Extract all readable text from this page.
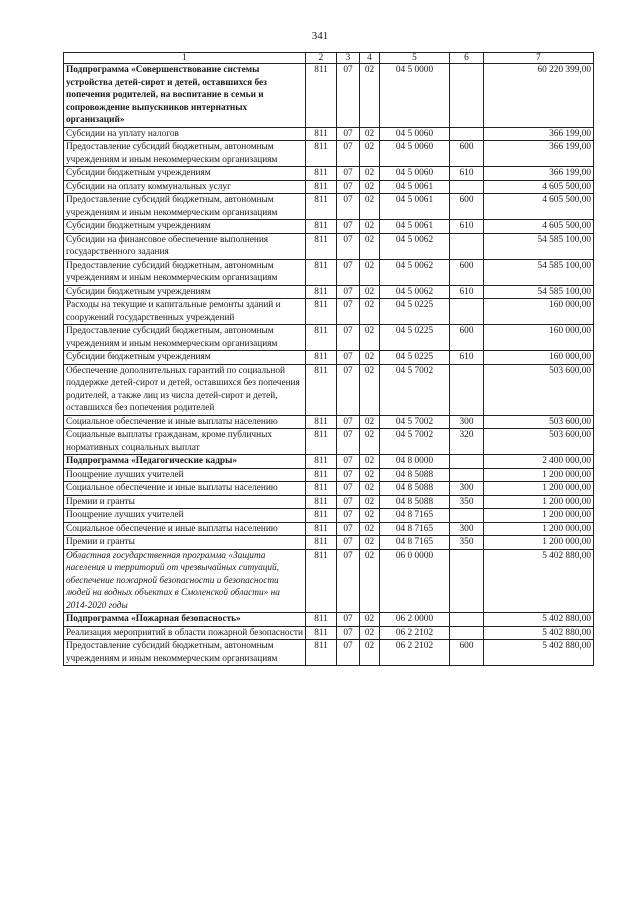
341
1	2	3	4	5	6	7
Подпрограмма «Совершенствование системы устройства детей-сирот и детей, оставшихся без попечения родителей, на воспитание в семьи и сопровождение выпускников интернатных организаций»	811	07	02	04 5 0000		60 220 399,00
Субсидии на уплату налогов	811	07	02	04 5 0060		366 199,00
Предоставление субсидий бюджетным, автономным учреждениям и иным некоммерческим организациям	811	07	02	04 5 0060	600	366 199,00
Субсидии бюджетным учреждениям	811	07	02	04 5 0060	610	366 199,00
Субсидии на оплату коммунальных услуг	811	07	02	04 5 0061		4 605 500,00
Предоставление субсидий бюджетным, автономным учреждениям и иным некоммерческим организациям	811	07	02	04 5 0061	600	4 605 500,00
Субсидии бюджетным учреждениям	811	07	02	04 5 0061	610	4 605 500,00
Субсидии на финансовое обеспечение выполнения государственного задания	811	07	02	04 5 0062		54 585 100,00
Предоставление субсидий бюджетным, автономным учреждениям и иным некоммерческим организациям	811	07	02	04 5 0062	600	54 585 100,00
Субсидии бюджетным учреждениям	811	07	02	04 5 0062	610	54 585 100,00
Расходы на текущие и капитальные ремонты зданий и сооружений государственных учреждений	811	07	02	04 5 0225		160 000,00
Предоставление субсидий бюджетным, автономным учреждениям и иным некоммерческим организациям	811	07	02	04 5 0225	600	160 000,00
Субсидии бюджетным учреждениям	811	07	02	04 5 0225	610	160 000,00
Обеспечение дополнительных гарантий по социальной поддержке детей-сирот и детей, оставшихся без попечения родителей, а также лиц из числа детей-сирот и детей, оставшихся без попечения родителей	811	07	02	04 5 7002		503 600,00
Социальное обеспечение и иные выплаты населению	811	07	02	04 5 7002	300	503 600,00
Социальные выплаты гражданам, кроме публичных нормативных социальных выплат	811	07	02	04 5 7002	320	503 600,00
Подпрограмма «Педагогические кадры»	811	07	02	04 8 0000		2 400 000,00
Поощрение лучших учителей	811	07	02	04 8 5088		1 200 000,00
Социальное обеспечение и иные выплаты населению	811	07	02	04 8 5088	300	1 200 000,00
Премии и гранты	811	07	02	04 8 5088	350	1 200 000,00
Поощрение лучших учителей	811	07	02	04 8 7165		1 200 000,00
Социальное обеспечение и иные выплаты населению	811	07	02	04 8 7165	300	1 200 000,00
Премии и гранты	811	07	02	04 8 7165	350	1 200 000,00
Областная государственная программа «Защита населения и территорий от чрезвычайных ситуаций, обеспечение пожарной безопасности и безопасности людей на водных объектах в Смоленской области» на 2014-2020 годы	811	07	02	06 0 0000		5 402 880,00
Подпрограмма «Пожарная безопасность»	811	07	02	06 2 0000		5 402 880,00
Реализация мероприятий в области пожарной безопасности	811	07	02	06 2 2102		5 402 880,00
Предоставление субсидий бюджетным, автономным учреждениям и иным некоммерческим организациям	811	07	02	06 2 2102	600	5 402 880,00
